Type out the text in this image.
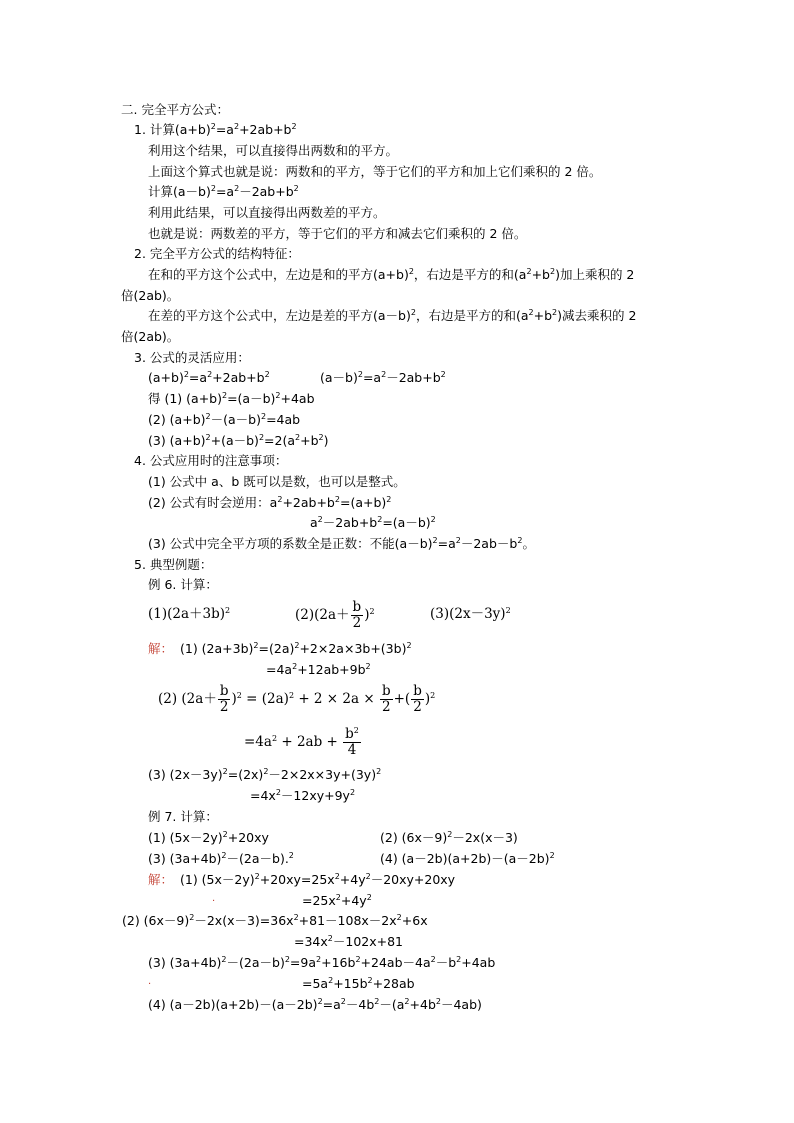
二. 完全平方公式：
1. 计算$(a+b)^2=a^2+2ab+b^2$
利用这个结果，可以直接得出两数和的平方。
上面这个算式也就是说：两数和的平方，等于它们的平方和加上它们乘积的 2 倍。
计算$(a-b)^2=a^2-2ab+b^2$
利用此结果，可以直接得出两数差的平方。
也就是说：两数差的平方，等于它们的平方和减去它们乘积的 2 倍。
2. 完全平方公式的结构特征：
在和的平方这个公式中，左边是和的平方$(a+b)^2$，右边是平方的和$(a^2+b^2)$加上乘积的 2
倍(2ab)。
在差的平方这个公式中，左边是差的平方$(a-b)^2$，右边是平方的和$(a^2+b^2)$减去乘积的 2
倍(2ab)。
3. 公式的灵活应用：
$(a+b)^2=a^2+2ab+b^2$	$(a-b)^2=a^2-2ab+b^2$
得 (1) $(a+b)^2=(a-b)^2+4ab$
(2) $(a+b)^2-(a-b)^2=4ab$
(3) $(a+b)^2+(a-b)^2=2(a^2+b^2)$
4. 公式应用时的注意事项：
(1) 公式中 a、b 既可以是数，也可以是整式。
(2) 公式有时会逆用：$a^2+2ab+b^2=(a+b)^2$
$a^2-2ab+b^2=(a-b)^2$
(3) 公式中完全平方项的系数全是正数：不能$(a-b)^2=a^2-2ab-b^2$。
5. 典型例题：
例 6. 计算：
$(1)(2a+3b)^2$	$(2)(2a+ \frac{b}{2} )^2$	$(3)(2x-3y)^2$
解： (1) $(2a+3b)^2=(2a)^2+2\times 2a\times 3b+(3b)^2$
$=4a^2+12ab+9b^2$
(2) $(2a+ \frac{b}{2} )^2 = (2a)^2 + 2 \times 2a \times \frac{b}{2}$ +( $\frac{b}{2} )^2$
$=4a^2 + 2ab + \frac{b^2}{4}$
(3) $(2x-3y)^2=(2x)^2-2\times 2x\times 3y+(3y)^2$
$=4x^2-12xy+9y^2$
例 7. 计算：
(1) $(5x-2y)^2+20xy$	(2) $(6x-9)^2-2x(x-3)$
(3) $(3a+4b)^2-(2a-b).^2$	(4) $(a-2b)(a+2b)-(a-2b)^2$
解： (1) $(5x-2y)^2+20xy=25x^2+4y^2-20xy+20xy$
.	$=25x^2+4y^2$
(2) $(6x-9)^2-2x(x-3)=36x^2+81-108x-2x^2+6x$
$=34x^2-102x+81$
(3) $(3a+4b)^2-(2a-b)^2=9a^2+16b^2+24ab-4a^2-b^2+4ab$
.	$=5a^2+15b^2+28ab$
(4) $(a-2b)(a+2b)-(a-2b)^2=a^2-4b^2-(a^2+4b^2-4ab)$
